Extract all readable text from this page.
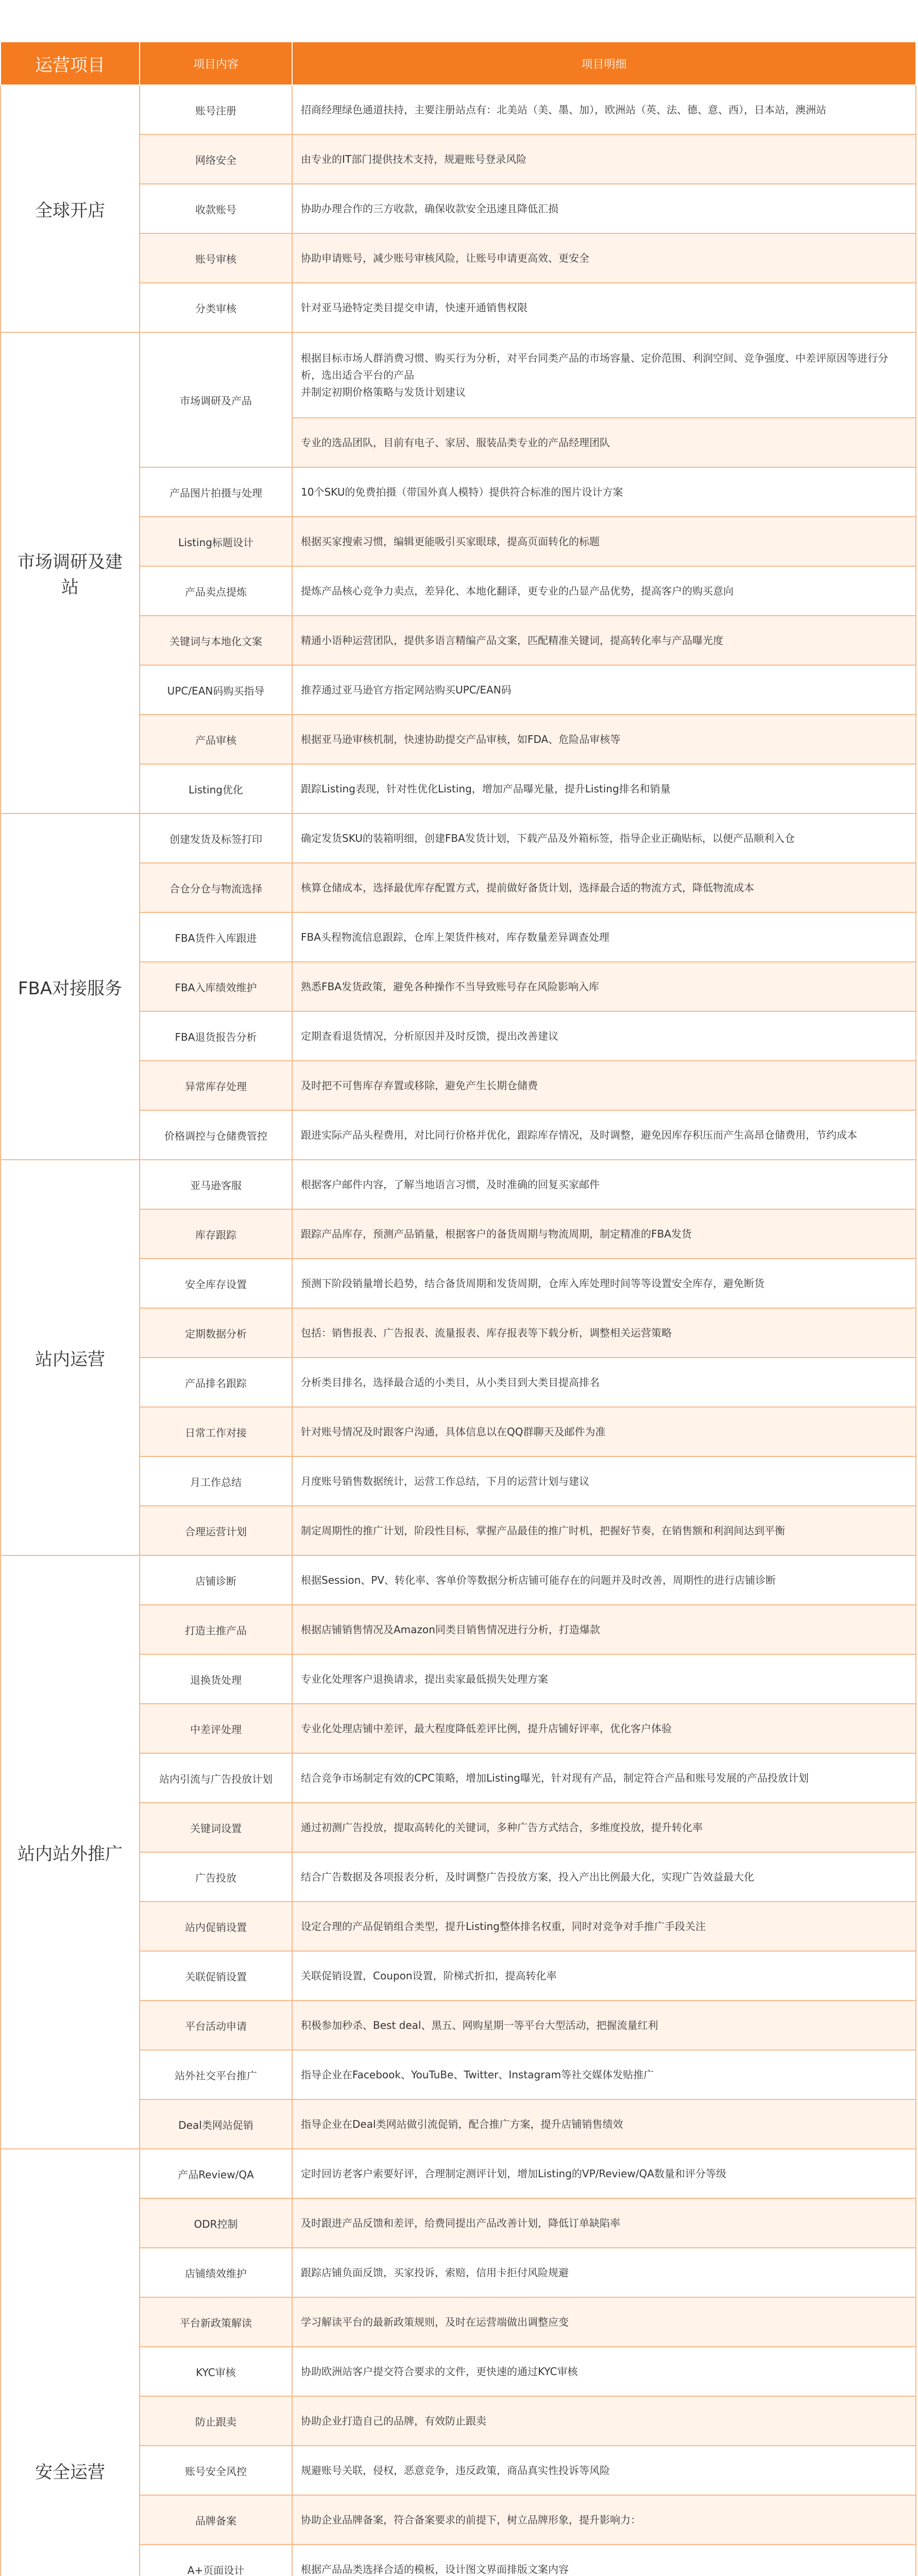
运营项目	项目内容	项目明细
全球开店	账号注册	招商经理绿色通道扶持，主要注册站点有：北美站（美、墨、加），欧洲站（英、法、德、意、西），日本站，澳洲站
	网络安全	由专业的IT部门提供技术支持，规避账号登录风险
	收款账号	协助办理合作的三方收款，确保收款安全迅速且降低汇损
	账号审核	协助申请账号，减少账号审核风险，让账号申请更高效、更安全
	分类审核	针对亚马逊特定类目提交申请，快速开通销售权限
市场调研及建站	市场调研及产品	根据目标市场人群消费习惯、购买行为分析，对平台同类产品的市场容量、定价范围、利润空间、竞争强度、中差评原因等进行分析，选出适合平台的产品
并制定初期价格策略与发货计划建议
		专业的选品团队，目前有电子、家居、服装品类专业的产品经理团队
	产品图片拍摄与处理	10个SKU的免费拍摄（带国外真人模特）提供符合标准的图片设计方案
	Listing标题设计	根据买家搜索习惯，编辑更能吸引买家眼球，提高页面转化的标题
	产品卖点提炼	提炼产品核心竞争力卖点，差异化、本地化翻译，更专业的凸显产品优势，提高客户的购买意向
	关键词与本地化文案	精通小语种运营团队，提供多语言精编产品文案，匹配精准关键词，提高转化率与产品曝光度
	UPC/EAN码购买指导	推荐通过亚马逊官方指定网站购买UPC/EAN码
	产品审核	根据亚马逊审核机制，快速协助提交产品审核，如FDA、危险品审核等
	Listing优化	跟踪Listing表现，针对性优化Listing，增加产品曝光量，提升Listing排名和销量
FBA对接服务	创建发货及标签打印	确定发货SKU的装箱明细，创建FBA发货计划，下载产品及外箱标签，指导企业正确贴标，以便产品顺利入仓
	合仓分仓与物流选择	核算仓储成本，选择最优库存配置方式，提前做好备货计划，选择最合适的物流方式，降低物流成本
	FBA货件入库跟进	FBA头程物流信息跟踪，仓库上架货件核对，库存数量差异调查处理
	FBA入库绩效维护	熟悉FBA发货政策，避免各种操作不当导致账号存在风险影响入库
	FBA退货报告分析	定期查看退货情况，分析原因并及时反馈，提出改善建议
	异常库存处理	及时把不可售库存弃置或移除，避免产生长期仓储费
	价格调控与仓储费管控	跟进实际产品头程费用，对比同行价格并优化，跟踪库存情况，及时调整，避免因库存积压而产生高昂仓储费用，节约成本
站内运营	亚马逊客服	根据客户邮件内容，了解当地语言习惯，及时准确的回复买家邮件
	库存跟踪	跟踪产品库存，预测产品销量，根据客户的备货周期与物流周期，制定精准的FBA发货
	安全库存设置	预测下阶段销量增长趋势，结合备货周期和发货周期，仓库入库处理时间等等设置安全库存，避免断货
	定期数据分析	包括：销售报表、广告报表、流量报表、库存报表等下载分析，调整相关运营策略
	产品排名跟踪	分析类目排名，选择最合适的小类目，从小类目到大类目提高排名
	日常工作对接	针对账号情况及时跟客户沟通，具体信息以在QQ群聊天及邮件为准
	月工作总结	月度账号销售数据统计，运营工作总结，下月的运营计划与建议
	合理运营计划	制定周期性的推广计划，阶段性目标，掌握产品最佳的推广时机，把握好节奏，在销售额和利润间达到平衡
站内站外推广	店铺诊断	根据Session、PV、转化率、客单价等数据分析店铺可能存在的问题并及时改善，周期性的进行店铺诊断
	打造主推产品	根据店铺销售情况及Amazon同类目销售情况进行分析，打造爆款
	退换货处理	专业化处理客户退换请求，提出卖家最低损失处理方案
	中差评处理	专业化处理店铺中差评，最大程度降低差评比例，提升店铺好评率，优化客户体验
	站内引流与广告投放计划	结合竞争市场制定有效的CPC策略，增加Listing曝光，针对现有产品，制定符合产品和账号发展的产品投放计划
	关键词设置	通过初测广告投放，提取高转化的关键词，多种广告方式结合，多维度投放，提升转化率
	广告投放	结合广告数据及各项报表分析，及时调整广告投放方案，投入产出比例最大化，实现广告效益最大化
	站内促销设置	设定合理的产品促销组合类型，提升Listing整体排名权重，同时对竞争对手推广手段关注
	关联促销设置	关联促销设置，Coupon设置，阶梯式折扣，提高转化率
	平台活动申请	积极参加秒杀、Best deal、黑五、网购星期一等平台大型活动，把握流量红利
	站外社交平台推广	指导企业在Facebook、YouTuBe、Twitter、Instagram等社交媒体发贴推广
	Deal类网站促销	指导企业在Deal类网站做引流促销，配合推广方案，提升店铺销售绩效
安全运营	产品Review/QA	定时回访老客户索要好评，合理制定测评计划，增加Listing的VP/Review/QA数量和评分等级
	ODR控制	及时跟进产品反馈和差评，给费同提出产品改善计划，降低订单缺陷率
	店铺绩效维护	跟踪店铺负面反馈，买家投诉，索赔，信用卡拒付风险规避
	平台新政策解读	学习解读平台的最新政策规则，及时在运营端做出调整应变
	KYC审核	协助欧洲站客户提交符合要求的文件，更快速的通过KYC审核
	防止跟卖	协助企业打造自己的品牌，有效防止跟卖
	账号安全风控	规避账号关联，侵权，恶意竞争，违反政策，商品真实性投诉等风险
	品牌备案	协助企业品牌备案，符合备案要求的前提下，树立品牌形象，提升影响力：
	A+页面设计	根据产品品类选择合适的模板，设计图文界面排版文案内容
